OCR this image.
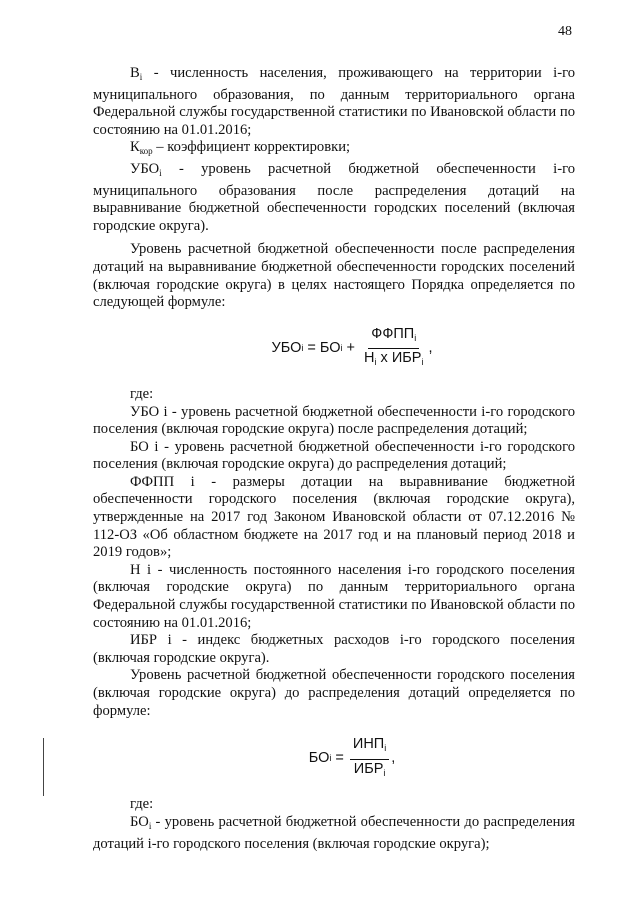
48

$B_i$ - численность населения, проживающего на территории i-го муниципального образования, по данным территориального органа Федеральной службы государственной статистики по Ивановской области по состоянию на 01.01.2016;

$К_{кор}$ – коэффициент корректировки;

$УБО_i$ - уровень расчетной бюджетной обеспеченности i-го муниципального образования после распределения дотаций на выравнивание бюджетной обеспеченности городских поселений (включая городские округа).

Уровень расчетной бюджетной обеспеченности после распределения дотаций на выравнивание бюджетной обеспеченности городских поселений (включая городские округа) в целях настоящего Порядка определяется по следующей формуле:

УБО i = БО $i + \frac{ФФПП_i}{H_i x ИБР_i}$ ,

где:

УБО i - уровень расчетной бюджетной обеспеченности i-го городского поселения (включая городские округа) после распределения дотаций;

БО i - уровень расчетной бюджетной обеспеченности i-го городского поселения (включая городские округа) до распределения дотаций;

ФФПП i - размеры дотации на выравнивание бюджетной обеспеченности городского поселения (включая городские округа), утвержденные на 2017 год Законом Ивановской области от 07.12.2016 № 112-ОЗ «Об областном бюджете на 2017 год и на плановый период 2018 и 2019 годов»;

Н i - численность постоянного населения i-го городского поселения (включая городские округа) по данным территориального органа Федеральной службы государственной статистики по Ивановской области по состоянию на 01.01.2016;

ИБР i - индекс бюджетных расходов i-го городского поселения (включая городские округа).

Уровень расчетной бюджетной обеспеченности городского поселения (включая городские округа) до распределения дотаций определяется по формуле:

БО $i = \frac{ИНП_i}{ИБР_i}$ ,

где:

$БО_i$ - уровень расчетной бюджетной обеспеченности до распределения дотаций i-го городского поселения (включая городские округа);
